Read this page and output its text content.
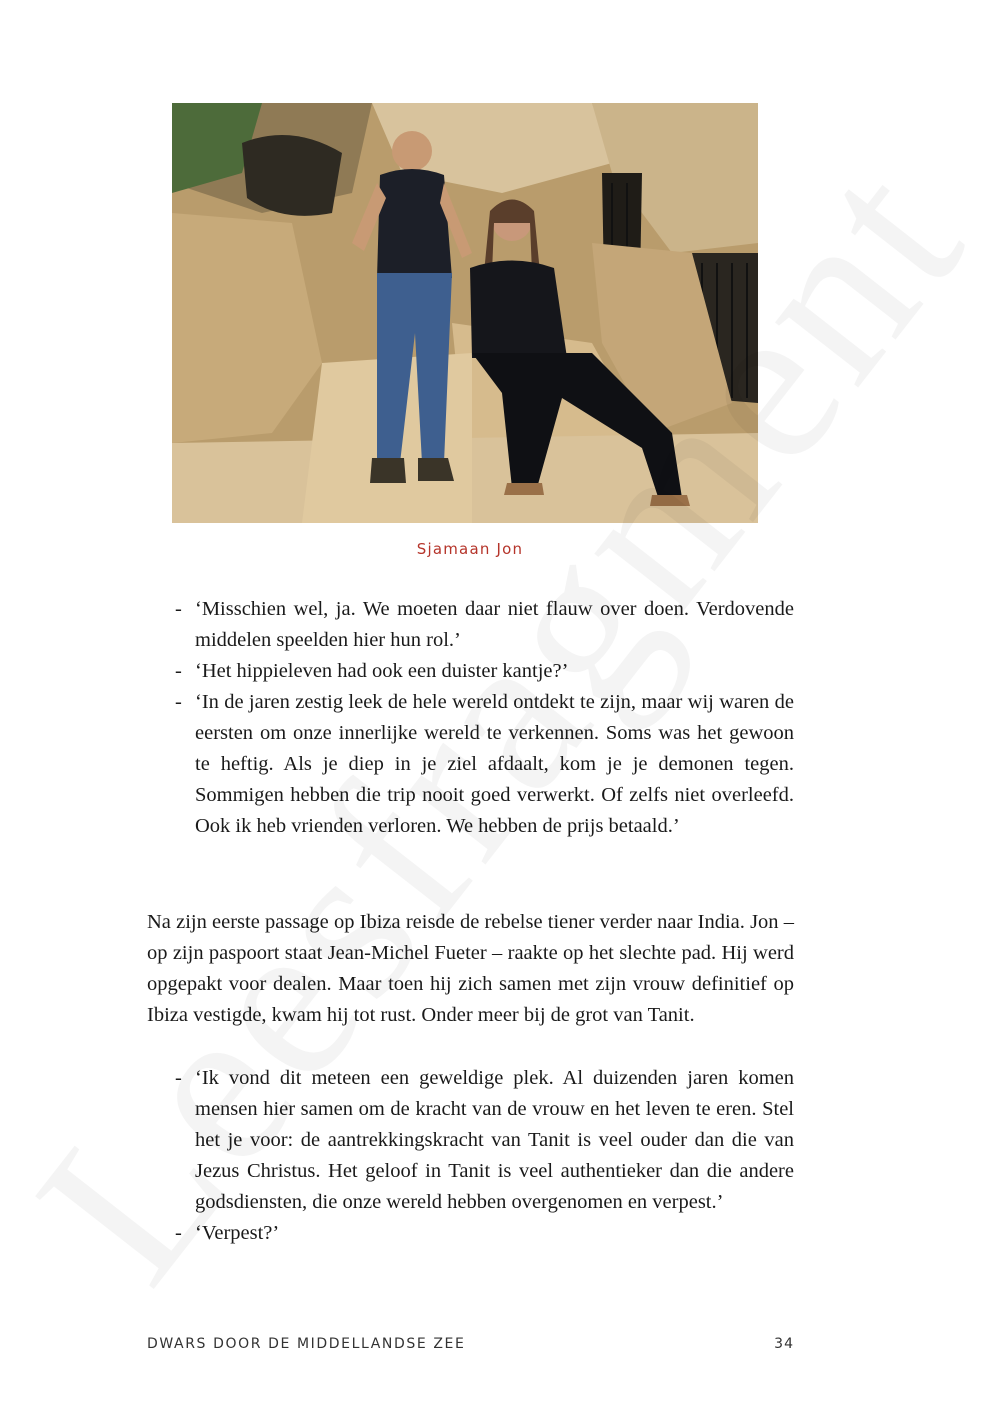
Sjamaan Jon

- ‘Misschien wel, ja. We moeten daar niet flauw over doen. Verdovende middelen speelden hier hun rol.’

- ‘Het hippieleven had ook een duister kantje?’

- ‘In de jaren zestig leek de hele wereld ontdekt te zijn, maar wij waren de eersten om onze innerlijke wereld te verkennen. Soms was het gewoon te heftig. Als je diep in je ziel afdaalt, kom je je demonen tegen. Sommigen hebben die trip nooit goed verwerkt. Of zelfs niet overleefd. Ook ik heb vrienden verloren. We hebben de prijs betaald.’

Na zijn eerste passage op Ibiza reisde de rebelse tiener verder naar India. Jon – op zijn paspoort staat Jean-Michel Fueter – raakte op het slechte pad. Hij werd opgepakt voor dealen. Maar toen hij zich samen met zijn vrouw definitief op Ibiza vestigde, kwam hij tot rust. Onder meer bij de grot van Tanit.

- ‘Ik vond dit meteen een geweldige plek. Al duizenden jaren komen mensen hier samen om de kracht van de vrouw en het leven te eren. Stel het je voor: de aantrekkingskracht van Tanit is veel ouder dan die van Jezus Christus. Het geloof in Tanit is veel authentieker dan die andere godsdiensten, die onze wereld hebben overgenomen en verpest.’

- ‘Verpest?’

DWARS DOOR DE MIDDELLANDSE ZEE	34
